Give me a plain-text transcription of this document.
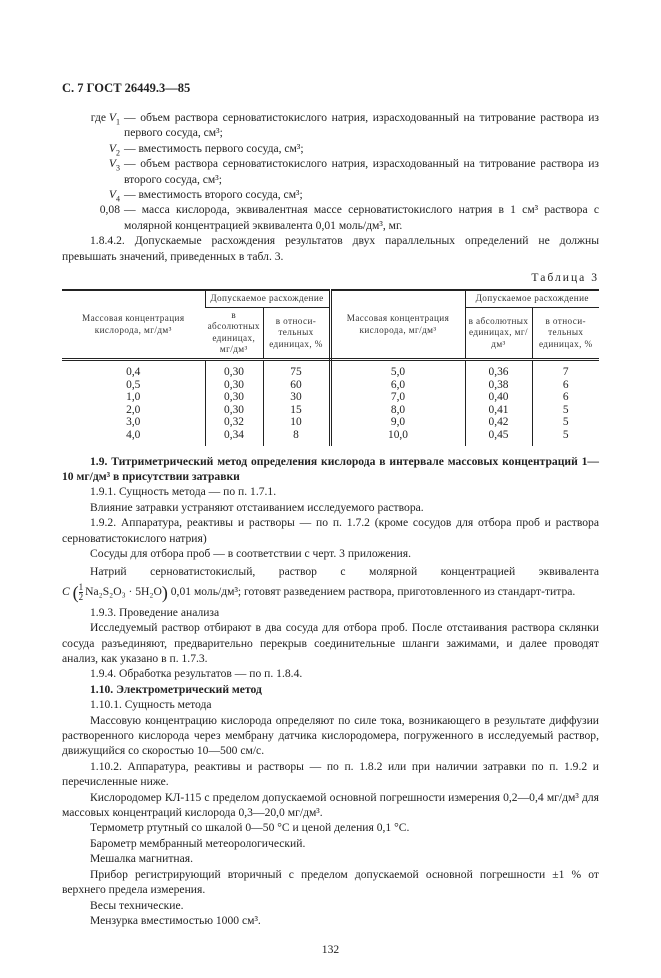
С. 7 ГОСТ 26449.3—85
где $V_1$ — объем раствора серноватистокислого натрия, израсходованный на титрование раствора из первого сосуда, см³;
$V_2$ — вместимость первого сосуда, см³;
$V_3$ — объем раствора серноватистокислого натрия, израсходованный на титрование раствора из второго сосуда, см³;
$V_4$ — вместимость второго сосуда, см³;
0,08 — масса кислорода, эквивалентная массе серноватистокислого натрия в 1 см³ раствора с молярной концентрацией эквивалента 0,01 моль/дм³, мг.

1.8.4.2. Допускаемые расхождения результатов двух параллельных определений не должны превышать значений, приведенных в табл. 3.

Таблица 3

Массовая концентрация кислорода, мг/дм³	Допускаемое расхождение		Массовая концентрация кислорода, мг/дм³	Допускаемое расхождение	
	в абсолютных единицах, мг/дм³	в относи-тельных единицах, %		в абсолютных единицах, мг/дм³	в относи-тельных единицах, %
0,4	0,30	75	5,0	0,36	7
0,5	0,30	60	6,0	0,38	6
1,0	0,30	30	7,0	0,40	6
2,0	0,30	15	8,0	0,41	5
3,0	0,32	10	9,0	0,42	5
4,0	0,34	8	10,0	0,45	5

1.9. Титриметрический метод определения кислорода в интервале массовых концентраций 1—10 мг/дм³ в присутствии затравки

1.9.1. Сущность метода — по п. 1.7.1.

Влияние затравки устраняют отстаиванием исследуемого раствора.

1.9.2. Аппаратура, реактивы и растворы — по п. 1.7.2 (кроме сосудов для отбора проб и раствора серноватистокислого натрия)

Сосуды для отбора проб — в соответствии с черт. 3 приложения.

Натрий серноватистокислый, раствор с молярной концентрацией эквивалента

C ( $\frac{1}{2} Na_2S_2O_3 \cdot 5H_2O$) 0,01 моль/дм³; готовят разведением раствора, приготовленного из стандарт-титра.

1.9.3. Проведение анализа

Исследуемый раствор отбирают в два сосуда для отбора проб. После отстаивания раствора склянки сосуда разъединяют, предварительно перекрыв соединительные шланги зажимами, и далее проводят анализ, как указано в п. 1.7.3.

1.9.4. Обработка результатов — по п. 1.8.4.

1.10. Электрометрический метод

1.10.1. Сущность метода

Массовую концентрацию кислорода определяют по силе тока, возникающего в результате диффузии растворенного кислорода через мембрану датчика кислородомера, погруженного в исследуемый раствор, движущийся со скоростью 10—500 см/с.

1.10.2. Аппаратура, реактивы и растворы — по п. 1.8.2 или при наличии затравки по п. 1.9.2 и перечисленные ниже.

Кислородомер КЛ-115 с пределом допускаемой основной погрешности измерения 0,2—0,4 мг/дм³ для массовых концентраций кислорода 0,3—20,0 мг/дм³.

Термометр ртутный со шкалой 0—50 °С и ценой деления 0,1 °С.

Барометр мембранный метеорологический.

Мешалка магнитная.

Прибор регистрирующий вторичный с пределом допускаемой основной погрешности ±1 % от верхнего предела измерения.

Весы технические.

Мензурка вместимостью 1000 см³.

132
